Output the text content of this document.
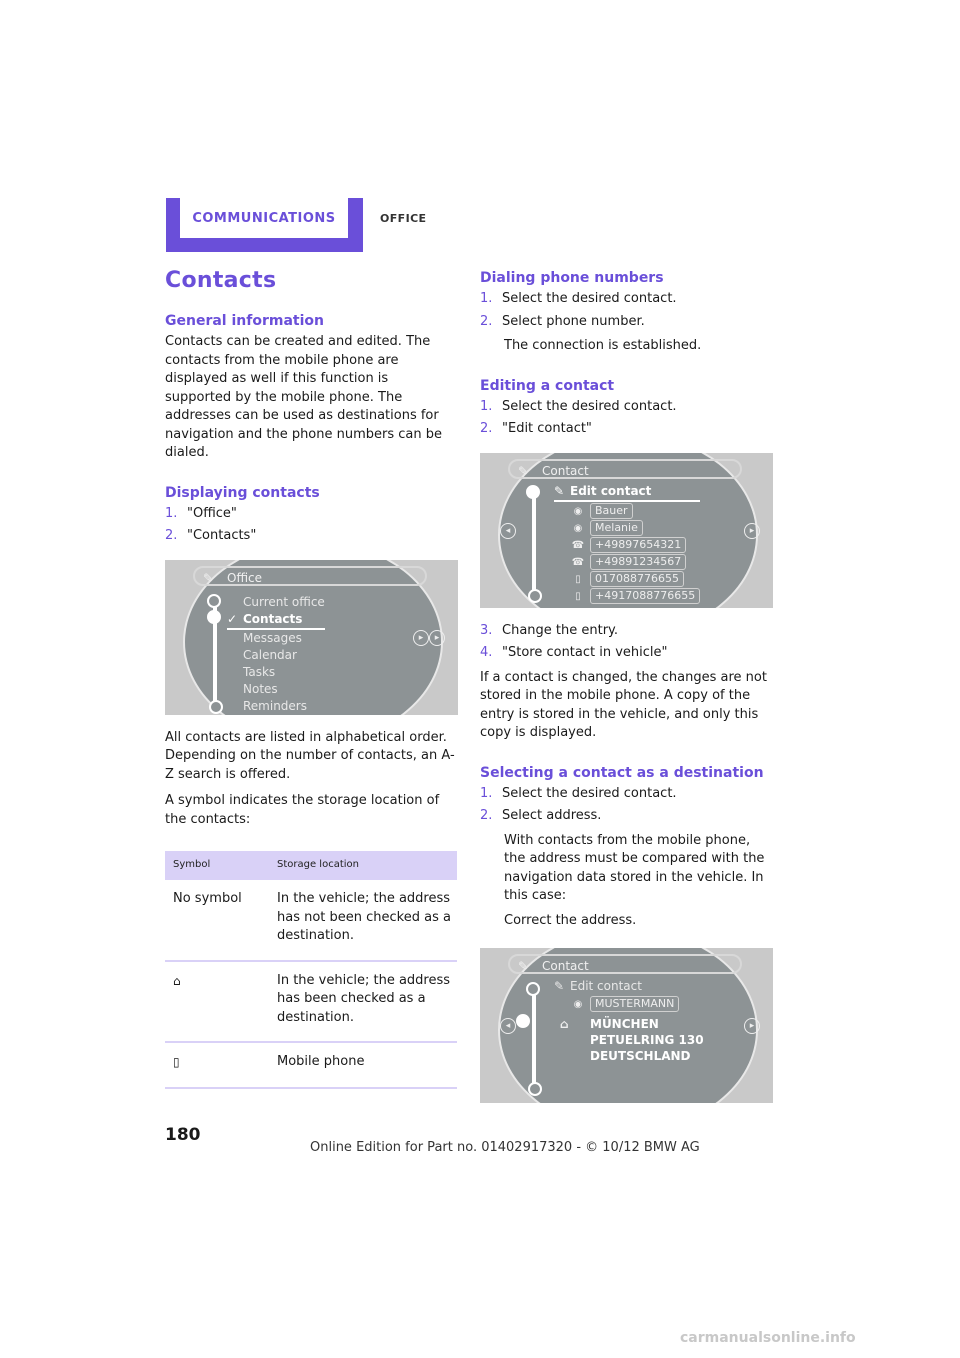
COMMUNICATIONS	OFFICE
Contacts
General information

Contacts can be created and edited. The contacts from the mobile phone are displayed as well if this function is supported by the mobile phone. The addresses can be used as destinations for navigation and the phone numbers can be dialed.

Displaying contacts
1. "Office"
2. "Contacts"
✎ Office
Current office
✓ Contacts
Messages
Calendar
Tasks
Notes
Reminders
▸	▸

All contacts are listed in alphabetical order. Depending on the number of contacts, an A-Z search is offered.

A symbol indicates the storage location of the contacts:

Symbol	Storage location
No symbol	In the vehicle; the address has not been checked as a destination.
⌂	In the vehicle; the address has been checked as a destination.
▯	Mobile phone
Dialing phone numbers
1. Select the desired contact.
2. Select phone number.
The connection is established.
Editing a contact
1. Select the desired contact.
2. "Edit contact"
✎ Contact
◂	▸
✎ Edit contact
◉ Bauer
◉ Melanie
☎ +49897654321
☎ +49891234567
▯ 017088776655
▯ +4917088776655
3. Change the entry.
4. "Store contact in vehicle"

If a contact is changed, the changes are not stored in the mobile phone. A copy of the entry is stored in the vehicle, and only this copy is displayed.

Selecting a contact as a destination
1. Select the desired contact.
2. Select address.
With contacts from the mobile phone, the address must be compared with the navigation data stored in the vehicle. In this case:
Correct the address.
✎ Contact
◂	▸
✎ Edit contact
◉ MUSTERMANN
⌂ MÜNCHEN
PETUELRING 130
DEUTSCHLAND
180
Online Edition for Part no. 01402917320 - © 10/12 BMW AG
carmanualsonline.info
